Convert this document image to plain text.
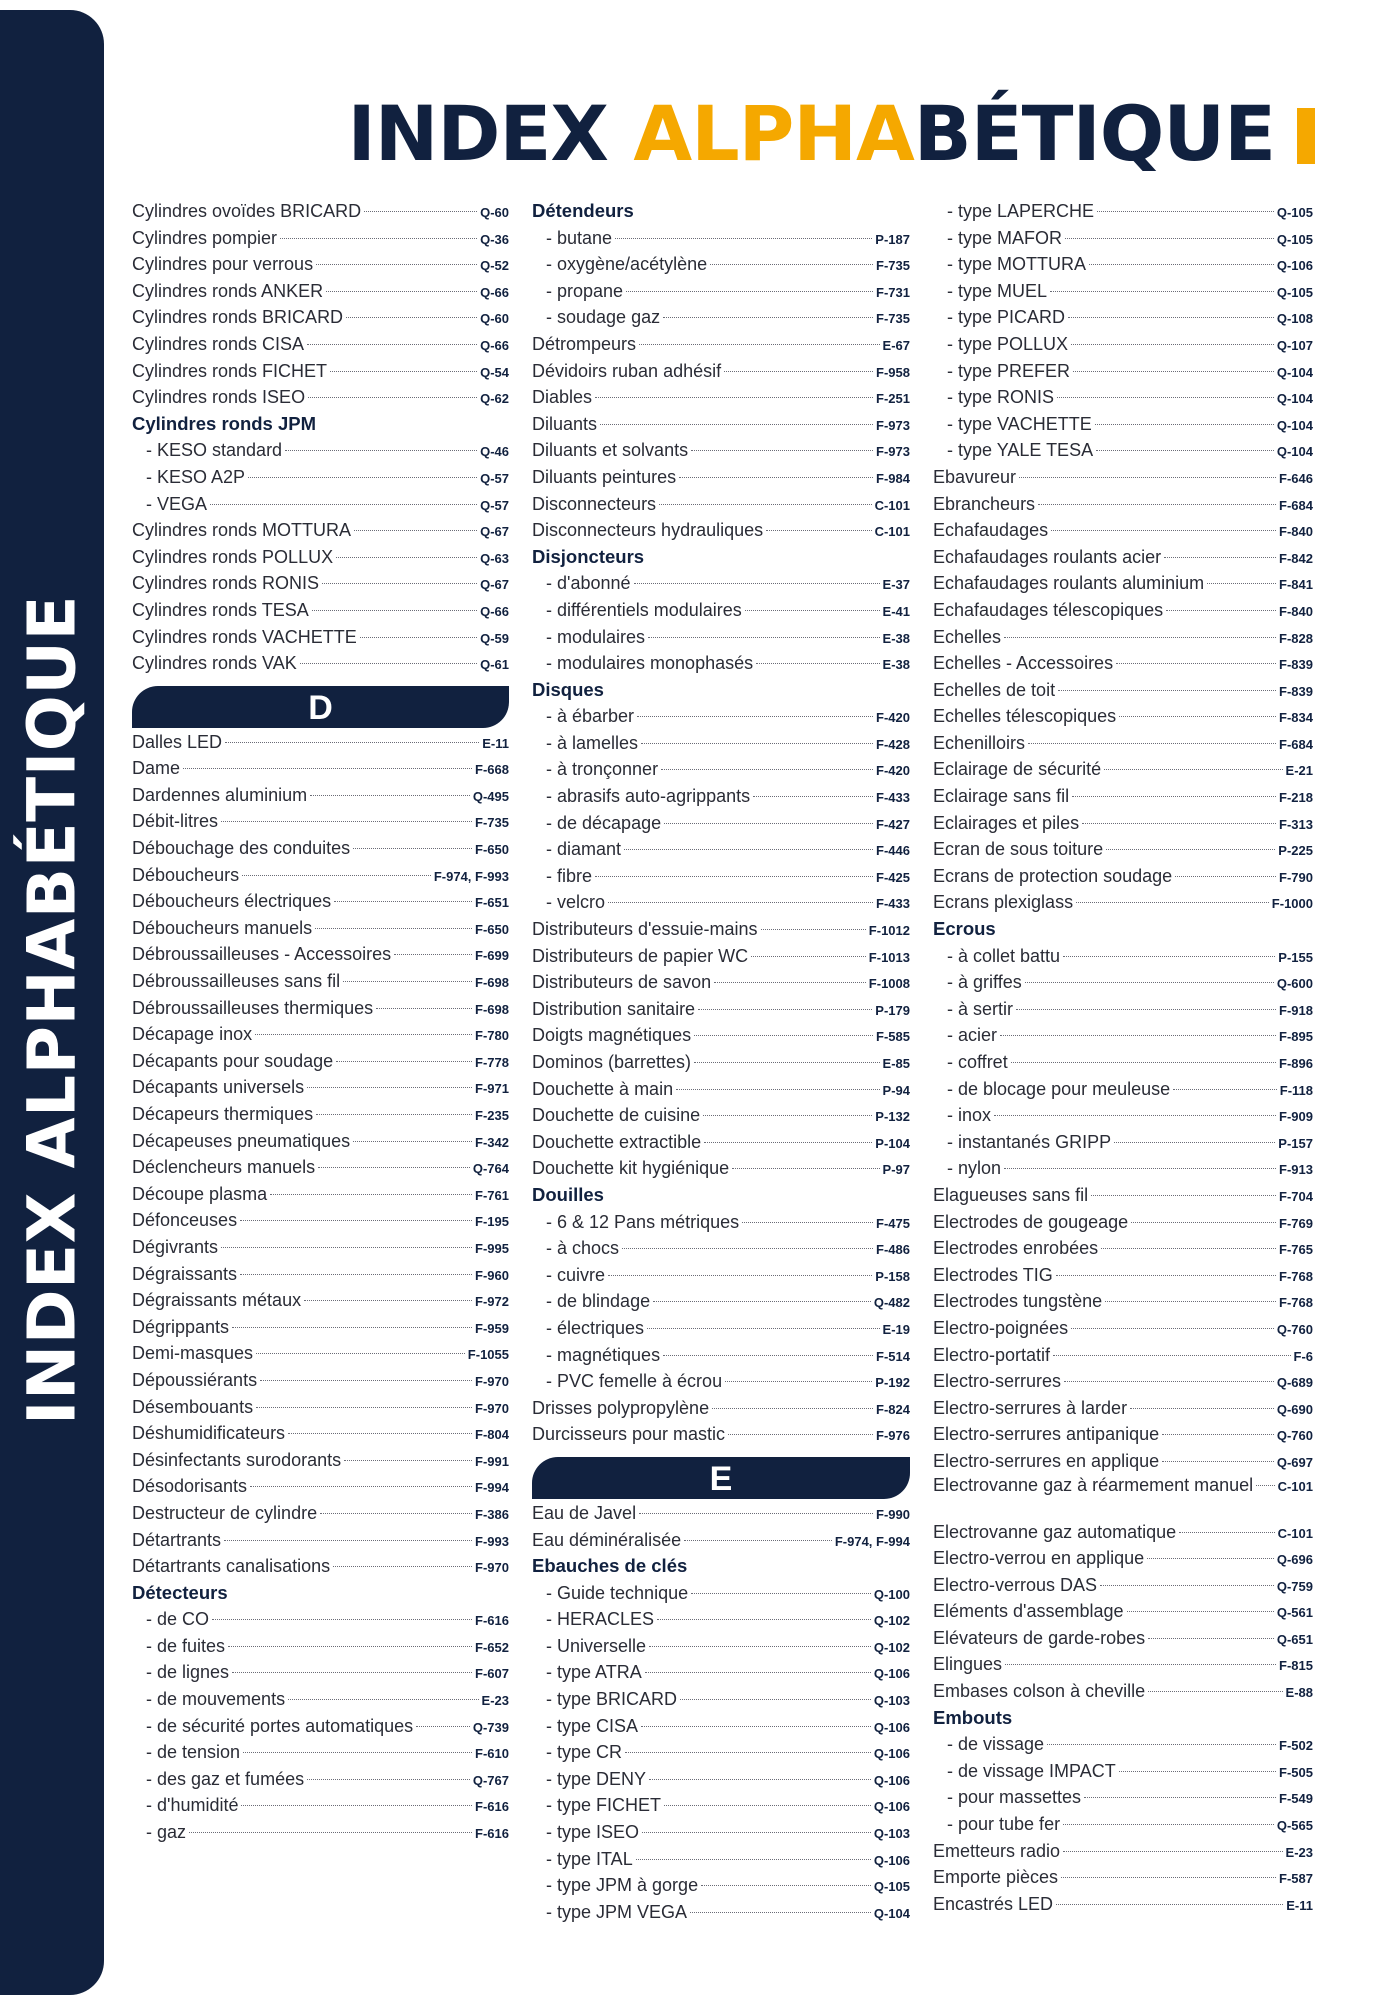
INDEX ALPHABÉTIQUE
INDEX ALPHABÉTIQUE
Cylindres ovoïdes BRICARD	Q-60
Cylindres pompier	Q-36
Cylindres pour verrous	Q-52
Cylindres ronds ANKER	Q-66
Cylindres ronds BRICARD	Q-60
Cylindres ronds CISA	Q-66
Cylindres ronds FICHET	Q-54
Cylindres ronds ISEO	Q-62
Cylindres ronds JPM
- KESO standard	Q-46
- KESO A2P	Q-57
- VEGA	Q-57
Cylindres ronds MOTTURA	Q-67
Cylindres ronds POLLUX	Q-63
Cylindres ronds RONIS	Q-67
Cylindres ronds TESA	Q-66
Cylindres ronds VACHETTE	Q-59
Cylindres ronds VAK	Q-61
D
Dalles LED	E-11
Dame	F-668
Dardennes aluminium	Q-495
Débit-litres	F-735
Débouchage des conduites	F-650
Déboucheurs	F-974, F-993
Déboucheurs électriques	F-651
Déboucheurs manuels	F-650
Débroussailleuses - Accessoires	F-699
Débroussailleuses sans fil	F-698
Débroussailleuses thermiques	F-698
Décapage inox	F-780
Décapants pour soudage	F-778
Décapants universels	F-971
Décapeurs thermiques	F-235
Décapeuses pneumatiques	F-342
Déclencheurs manuels	Q-764
Découpe plasma	F-761
Défonceuses	F-195
Dégivrants	F-995
Dégraissants	F-960
Dégraissants métaux	F-972
Dégrippants	F-959
Demi-masques	F-1055
Dépoussiérants	F-970
Désembouants	F-970
Déshumidificateurs	F-804
Désinfectants surodorants	F-991
Désodorisants	F-994
Destructeur de cylindre	F-386
Détartrants	F-993
Détartrants canalisations	F-970
Détecteurs
- de CO	F-616
- de fuites	F-652
- de lignes	F-607
- de mouvements	E-23
- de sécurité portes automatiques	Q-739
- de tension	F-610
- des gaz et fumées	Q-767
- d'humidité	F-616
- gaz	F-616
Détendeurs
- butane	P-187
- oxygène/acétylène	F-735
- propane	F-731
- soudage gaz	F-735
Détrompeurs	E-67
Dévidoirs ruban adhésif	F-958
Diables	F-251
Diluants	F-973
Diluants et solvants	F-973
Diluants peintures	F-984
Disconnecteurs	C-101
Disconnecteurs hydrauliques	C-101
Disjoncteurs
- d'abonné	E-37
- différentiels modulaires	E-41
- modulaires	E-38
- modulaires monophasés	E-38
Disques
- à ébarber	F-420
- à lamelles	F-428
- à tronçonner	F-420
- abrasifs auto-agrippants	F-433
- de décapage	F-427
- diamant	F-446
- fibre	F-425
- velcro	F-433
Distributeurs d'essuie-mains	F-1012
Distributeurs de papier WC	F-1013
Distributeurs de savon	F-1008
Distribution sanitaire	P-179
Doigts magnétiques	F-585
Dominos (barrettes)	E-85
Douchette à main	P-94
Douchette de cuisine	P-132
Douchette extractible	P-104
Douchette kit hygiénique	P-97
Douilles
- 6 & 12 Pans métriques	F-475
- à chocs	F-486
- cuivre	P-158
- de blindage	Q-482
- électriques	E-19
- magnétiques	F-514
- PVC femelle à écrou	P-192
Drisses polypropylène	F-824
Durcisseurs pour mastic	F-976
E
Eau de Javel	F-990
Eau déminéralisée	F-974, F-994
Ebauches de clés
- Guide technique	Q-100
- HERACLES	Q-102
- Universelle	Q-102
- type ATRA	Q-106
- type BRICARD	Q-103
- type CISA	Q-106
- type CR	Q-106
- type DENY	Q-106
- type FICHET	Q-106
- type ISEO	Q-103
- type ITAL	Q-106
- type JPM à gorge	Q-105
- type JPM VEGA	Q-104
- type LAPERCHE	Q-105
- type MAFOR	Q-105
- type MOTTURA	Q-106
- type MUEL	Q-105
- type PICARD	Q-108
- type POLLUX	Q-107
- type PREFER	Q-104
- type RONIS	Q-104
- type VACHETTE	Q-104
- type YALE TESA	Q-104
Ebavureur	F-646
Ebrancheurs	F-684
Echafaudages	F-840
Echafaudages roulants acier	F-842
Echafaudages roulants aluminium	F-841
Echafaudages télescopiques	F-840
Echelles	F-828
Echelles - Accessoires	F-839
Echelles de toit	F-839
Echelles télescopiques	F-834
Echenilloirs	F-684
Eclairage de sécurité	E-21
Eclairage sans fil	F-218
Eclairages et piles	F-313
Ecran de sous toiture	P-225
Ecrans de protection soudage	F-790
Ecrans plexiglass	F-1000
Ecrous
- à collet battu	P-155
- à griffes	Q-600
- à sertir	F-918
- acier	F-895
- coffret	F-896
- de blocage pour meuleuse	F-118
- inox	F-909
- instantanés GRIPP	P-157
- nylon	F-913
Elagueuses sans fil	F-704
Electrodes de gougeage	F-769
Electrodes enrobées	F-765
Electrodes TIG	F-768
Electrodes tungstène	F-768
Electro-poignées	Q-760
Electro-portatif	F-6
Electro-serrures	Q-689
Electro-serrures à larder	Q-690
Electro-serrures antipanique	Q-760
Electro-serrures en applique	Q-697
Electrovanne gaz à réarmement manuel C-101
Electrovanne gaz automatique	C-101
Electro-verrou en applique	Q-696
Electro-verrous DAS	Q-759
Eléments d'assemblage	Q-561
Elévateurs de garde-robes	Q-651
Elingues	F-815
Embases colson à cheville	E-88
Embouts
- de vissage	F-502
- de vissage IMPACT	F-505
- pour massettes	F-549
- pour tube fer	Q-565
Emetteurs radio	E-23
Emporte pièces	F-587
Encastrés LED	E-11
